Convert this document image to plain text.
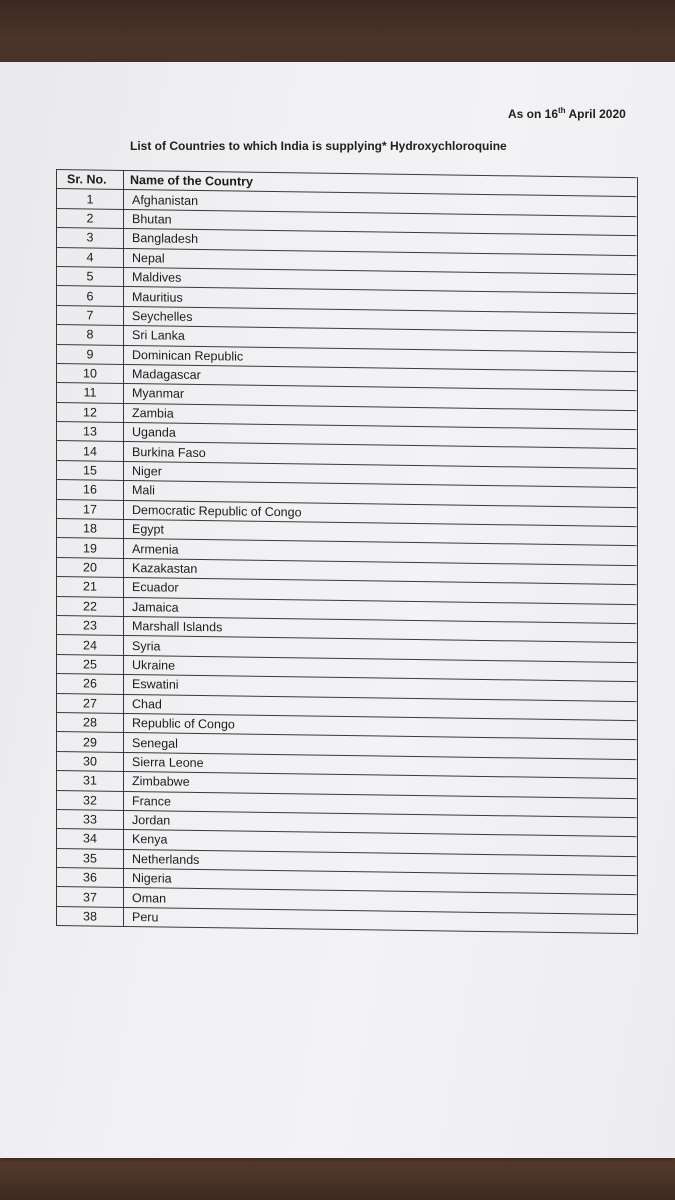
As on 16th April 2020
List of Countries to which India is supplying* Hydroxychloroquine
Sr. No.	Name of the Country
1	Afghanistan
2	Bhutan
3	Bangladesh
4	Nepal
5	Maldives
6	Mauritius
7	Seychelles
8	Sri Lanka
9	Dominican Republic
10	Madagascar
11	Myanmar
12	Zambia
13	Uganda
14	Burkina Faso
15	Niger
16	Mali
17	Democratic Republic of Congo
18	Egypt
19	Armenia
20	Kazakastan
21	Ecuador
22	Jamaica
23	Marshall Islands
24	Syria
25	Ukraine
26	Eswatini
27	Chad
28	Republic of Congo
29	Senegal
30	Sierra Leone
31	Zimbabwe
32	France
33	Jordan
34	Kenya
35	Netherlands
36	Nigeria
37	Oman
38	Peru
